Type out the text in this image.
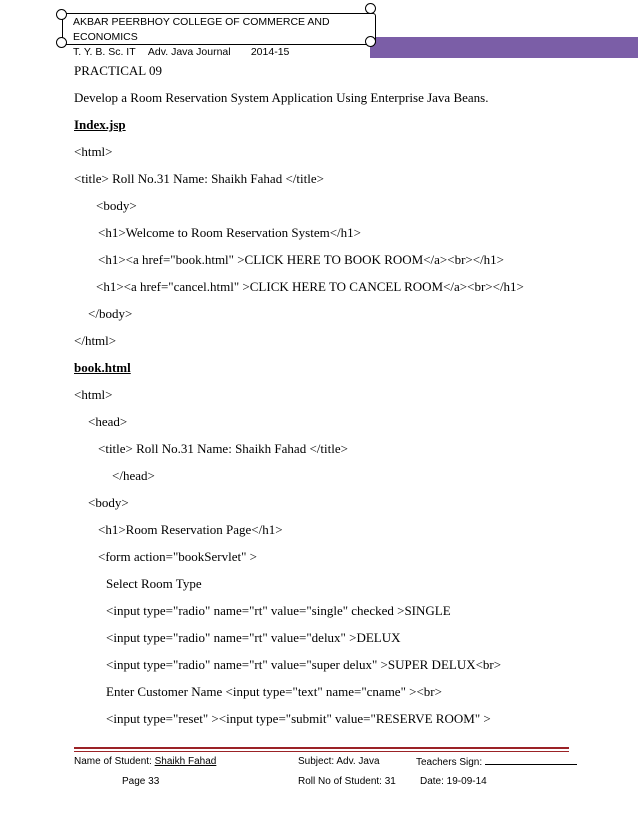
AKBAR PEERBHOY COLLEGE OF COMMERCE AND ECONOMICS
T. Y. B. Sc. IT Adv. Java Journal 2014-15
PRACTICAL 09
Develop a Room Reservation System Application Using Enterprise Java Beans.
Index.jsp
<html>
<title> Roll No.31 Name: Shaikh Fahad </title>
<body>
<h1>Welcome to Room Reservation System</h1>
<h1><a href="book.html" >CLICK HERE TO BOOK ROOM</a><br></h1>
<h1><a href="cancel.html" >CLICK HERE TO CANCEL ROOM</a><br></h1>
</body>
</html>
book.html
<html>
<head>
<title> Roll No.31 Name: Shaikh Fahad </title>
</head>
<body>
<h1>Room Reservation Page</h1>
<form action="bookServlet" >
Select Room Type
<input type="radio" name="rt" value="single" checked >SINGLE
<input type="radio" name="rt" value="delux" >DELUX
<input type="radio" name="rt" value="super delux" >SUPER DELUX<br>
Enter Customer Name <input type="text" name="cname" ><br>
<input type="reset" ><input type="submit" value="RESERVE ROOM" >
Name of Student: Shaikh Fahad	Subject: Adv. Java	Teachers Sign:
Page 33	Roll No of Student: 31 Date: 19-09-14
